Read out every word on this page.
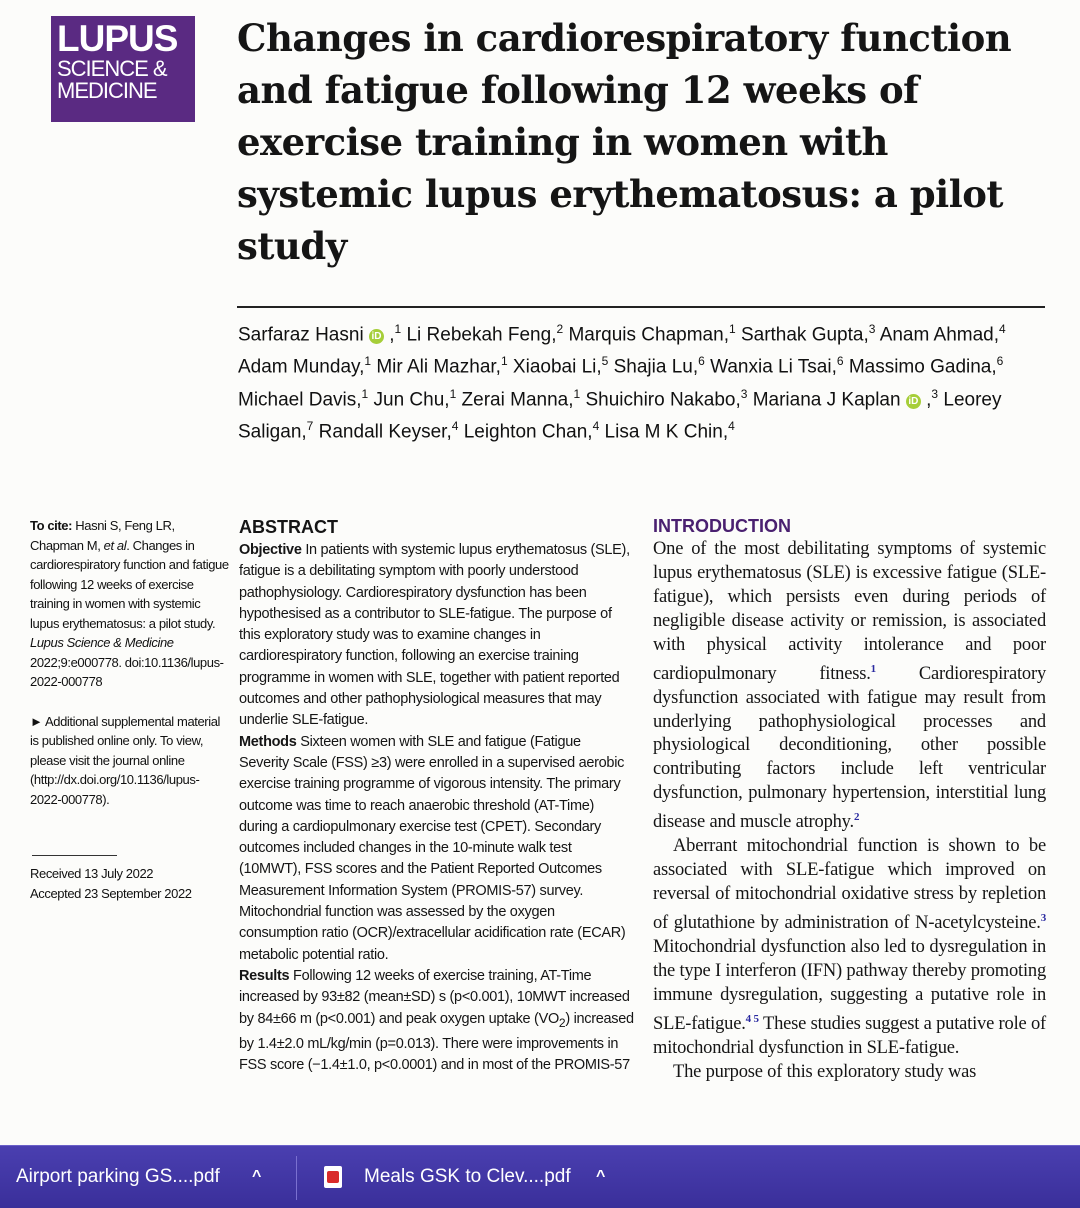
LUPUS
SCIENCE &
MEDICINE
Changes in cardiorespiratory function and fatigue following 12 weeks of exercise training in women with systemic lupus erythematosus: a pilot study

Sarfaraz Hasni iD ,$^1$ Li Rebekah Feng,$^2$ Marquis Chapman,$^1$ Sarthak Gupta,$^3$ Anam Ahmad,$^4$ Adam Munday,$^1$ Mir Ali Mazhar,$^1$ Xiaobai Li,$^5$ Shajia Lu,$^6$ Wanxia Li Tsai,$^6$ Massimo Gadina,$^6$ Michael Davis,$^1$ Jun Chu,$^1$ Zerai Manna,$^1$ Shuichiro Nakabo,$^3$ Mariana J Kaplan iD ,$^3$ Leorey Saligan,$^7$ Randall Keyser,$^4$ Leighton Chan,$^4$ Lisa M K Chin,$^4$

To cite: Hasni S, Feng LR, Chapman M, et al. Changes in cardiorespiratory function and fatigue following 12 weeks of exercise training in women with systemic lupus erythematosus: a pilot study. Lupus Science & Medicine 2022;9:e000778. doi:10.1136/lupus-2022-000778

► Additional supplemental material is published online only. To view, please visit the journal online (http://dx.doi.org/10.1136/lupus-2022-000778).

Received 13 July 2022

Accepted 23 September 2022

ABSTRACT

Objective In patients with systemic lupus erythematosus (SLE), fatigue is a debilitating symptom with poorly understood pathophysiology. Cardiorespiratory dysfunction has been hypothesised as a contributor to SLE-fatigue. The purpose of this exploratory study was to examine changes in cardiorespiratory function, following an exercise training programme in women with SLE, together with patient reported outcomes and other pathophysiological measures that may underlie SLE-fatigue.

Methods Sixteen women with SLE and fatigue (Fatigue Severity Scale (FSS) ≥3) were enrolled in a supervised aerobic exercise training programme of vigorous intensity. The primary outcome was time to reach anaerobic threshold (AT-Time) during a cardiopulmonary exercise test (CPET). Secondary outcomes included changes in the 10-minute walk test (10MWT), FSS scores and the Patient Reported Outcomes Measurement Information System (PROMIS-57) survey. Mitochondrial function was assessed by the oxygen consumption ratio (OCR)/extracellular acidification rate (ECAR) metabolic potential ratio.

Results Following 12 weeks of exercise training, AT-Time increased by 93±82 (mean±SD) s (p<0.001), 10MWT increased by 84±66 m (p<0.001) and peak oxygen uptake $(VO_2)$ increased by 1.4±2.0 mL/kg/min (p=0.013). There were improvements in FSS score (−1.4±1.0, p<0.0001) and in most of the PROMIS-57

INTRODUCTION

One of the most debilitating symptoms of systemic lupus erythematosus (SLE) is excessive fatigue (SLE-fatigue), which persists even during periods of negligible disease activity or remission, is associated with physical activity intolerance and poor cardiopulmonary fitness.$^1$ Cardiorespiratory dysfunction associated with fatigue may result from underlying pathophysiological processes and physiological deconditioning, other possible contributing factors include left ventricular dysfunction, pulmonary hypertension, interstitial lung disease and muscle atrophy.$^2$

Aberrant mitochondrial function is shown to be associated with SLE-fatigue which improved on reversal of mitochondrial oxidative stress by repletion of glutathione by administration of N-acetylcysteine.$^3$ Mitochondrial dysfunction also led to dysregulation in the type I interferon (IFN) pathway thereby promoting immune dysregulation, suggesting a putative role in SLE-fatigue.$^{4 5}$ These studies suggest a putative role of mitochondrial dysfunction in SLE-fatigue.

The purpose of this exploratory study was

Airport parking GS....pdf ^	Meals GSK to Clev....pdf ^
